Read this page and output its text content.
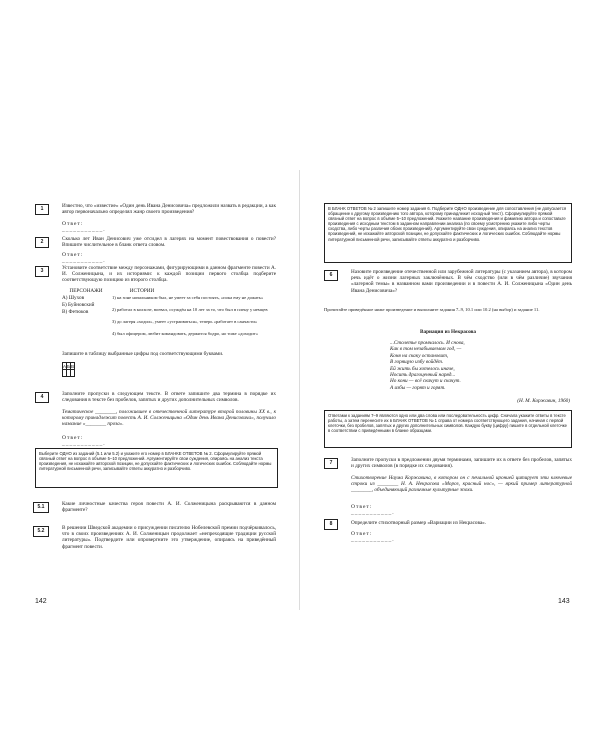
1	Известно, что «известие» «Один день Ивана Денисовича» предложили назвать в редакции, а как автор первоначально определял жанр своего произведения?
Ответ: ___________.
2	Сколько лет Иван Денисович уже отсидел в лагерях на момент повествования о повести? Впишите числительное в бланк ответа словом.
Ответ: ___________.
3	Установите соответствие между персонажами, фигурирующими в данном фрагменте повести А. И. Солженицына, и их историями: к каждой позиции первого столбца подберите соответствующую позицию из второго столбца.
ПЕРСОНАЖИ	ИСТОРИИ
А) Шухов
Б) Буйновский
В) Фетюков
1) на зоне начальником был, не умеет за себя постоять, «пока ему не дожать»
2) работал в колхозе, воевал, осуждён на 10 лет за то, что был в плену у немцев
3) до лагеря «ходил», умеет «устраиваться», теперь «работает в санчасти»
4) был офицером, любит командовать, держится бодро, но тоже «доходит»
Запишите в таблицу выбранные цифры под соответствующими буквами.
А	Б	В

4	Заполните пропуски в следующем тексте. В ответе запишите два термина в порядке их следования в тексте без пробелов, запятых и других дополнительных символов.
Тематическое ________, положившее в отечественной литературе второй половины XX в., к которому принадлежит повесть А. И. Солженицына «Один день Ивана Денисовича», получило название «________ проза».
Ответ: ___________.
Выберите ОДНО из заданий (5.1 или 5.2) и укажите его номер в БЛАНКЕ ОТВЕТОВ № 2. Сформулируйте прямой связный ответ на вопрос в объёме 5–10 предложений. Аргументируйте свои суждения, опираясь на анализ текста произведения, не искажайте авторской позиции, не допускайте фактических и логических ошибок. Соблюдайте нормы литературной письменной речи, записывайте ответы аккуратно и разборчиво.
5.1	Какие личностные качества героя повести А. И. Солженицына раскрываются в данном фрагменте?
5.2	В решении Шведской академии о присуждении писателю Нобелевской премии подчёркивалось, что в своих произведениях А. И. Солженицын продолжает «непреходящие традиции русской литературы». Подтвердите или опровергните это утверждение, опираясь на приведённый фрагмент повести.
142
В БЛАНК ОТВЕТОВ № 2 запишите номер задания 6. Подберите ОДНО произведение для сопоставления (не допускается обращение к другому произведению того автора, которому принадлежит исходный текст). Сформулируйте прямой связный ответ на вопрос в объёме 5–10 предложений. Укажите название произведения и фамилию автора и сопоставьте произведения с исходным текстом в заданном направлении анализа (по своему усмотрению укажите либо черты сходства, либо черты различия обоих произведений). Аргументируйте свои суждения, опираясь на анализ текстов произведений, не искажайте авторской позиции, не допускайте фактических и логических ошибок. Соблюдайте нормы литературной письменной речи, записывайте ответы аккуратно и разборчиво.
6	Назовите произведение отечественной или зарубежной литературы (с указанием автора), в котором речь идёт о жизни лагерных заключённых. В чём сходство (или в чём различие) звучания «лагерной темы» в названном вами произведении и в повести А. И. Солженицына «Один день Ивана Денисовича»?
Прочитайте приведённое ниже произведение и выполните задания 7–9, 10.1 или 10.2 (на выбор) и задание 11.
Вариация из Некрасова
...Столетье промчалось. И снова,
Как в том незабываемом год, —
Коня на скаку остановит,
В горящую избу войдёт.
Ей жить бы хотелось иначе,
Носить драгоценный наряд...
Но кони — всё скачут и скачут.
А избы — горят и горят.
(Н. М. Коржавин, 1960)
Ответами к заданиям 7–9 являются одно или два слова или последовательность цифр. Сначала укажите ответы в тексте работы, а затем перенесите их в БЛАНК ОТВЕТОВ № 1 справа от номера соответствующего задания, начиная с первой клеточки, без пробелов, запятых и других дополнительных символов. Каждую букву (цифру) пишите в отдельной клеточке в соответствии с приведёнными в бланке образцами.
7	Заполните пропуски в предложении двумя терминами, запишите их в ответе без пробелов, запятых и других символов (в порядке их следования).
Стихотворение Наума Коржавина, в котором он с печальной иронией цитирует эти ключевые строки из ________ Н. А. Некрасова «Мороз, красный нос», — яркий пример литературной ________, объединяющий различные культурные эпохи.
Ответ: ___________.
8	Определите стихотворный размер «Вариации из Некрасова».
Ответ: ___________.
143
